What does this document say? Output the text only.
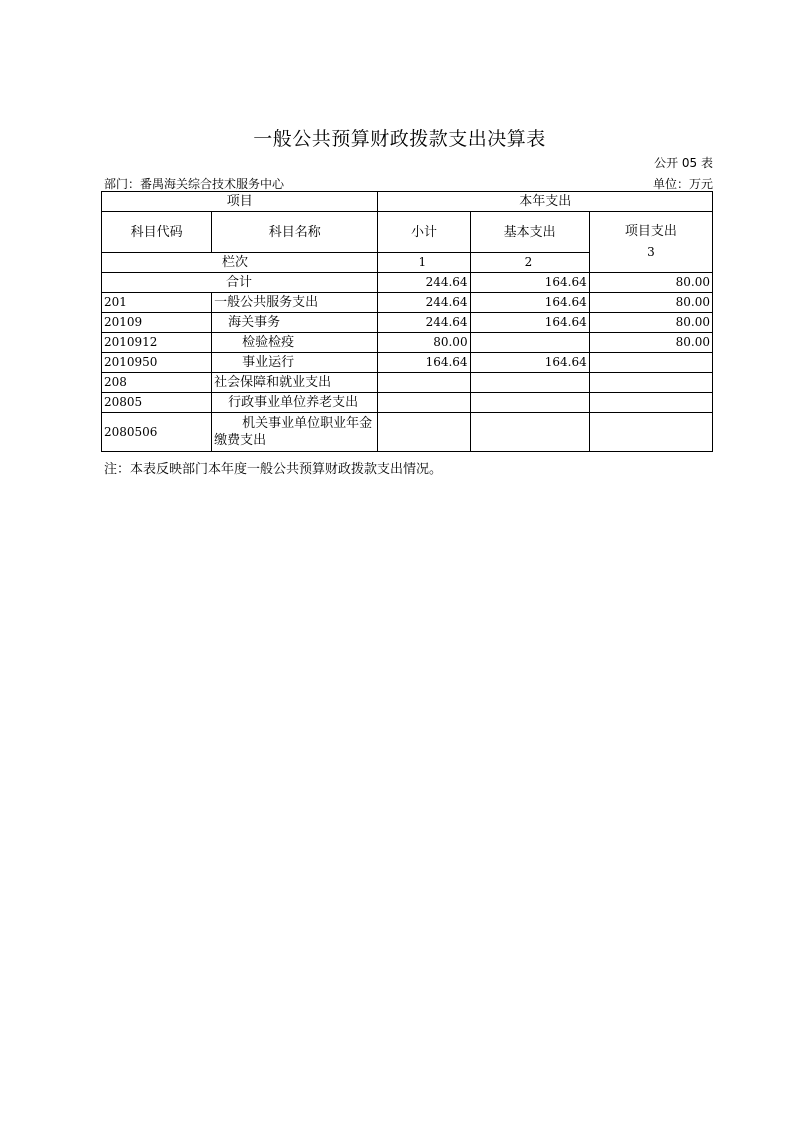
一般公共预算财政拨款支出决算表
公开 05 表
部门：番禺海关综合技术服务中心	单位：万元
项目		本年支出		
科目代码	科目名称	小计	基本支出	项目支出
3

栏次		1	2	
合计		244.64	164.64	80.00
201	一般公共服务支出	244.64	164.64	80.00
20109	海关事务	244.64	164.64	80.00
2010912	检验检疫	80.00		80.00
2010950	事业运行	164.64	164.64	
208	社会保障和就业支出			
20805	行政事业单位养老支出			
2080506	机关事业单位职业年金缴费支出			
注：本表反映部门本年度一般公共预算财政拨款支出情况。
